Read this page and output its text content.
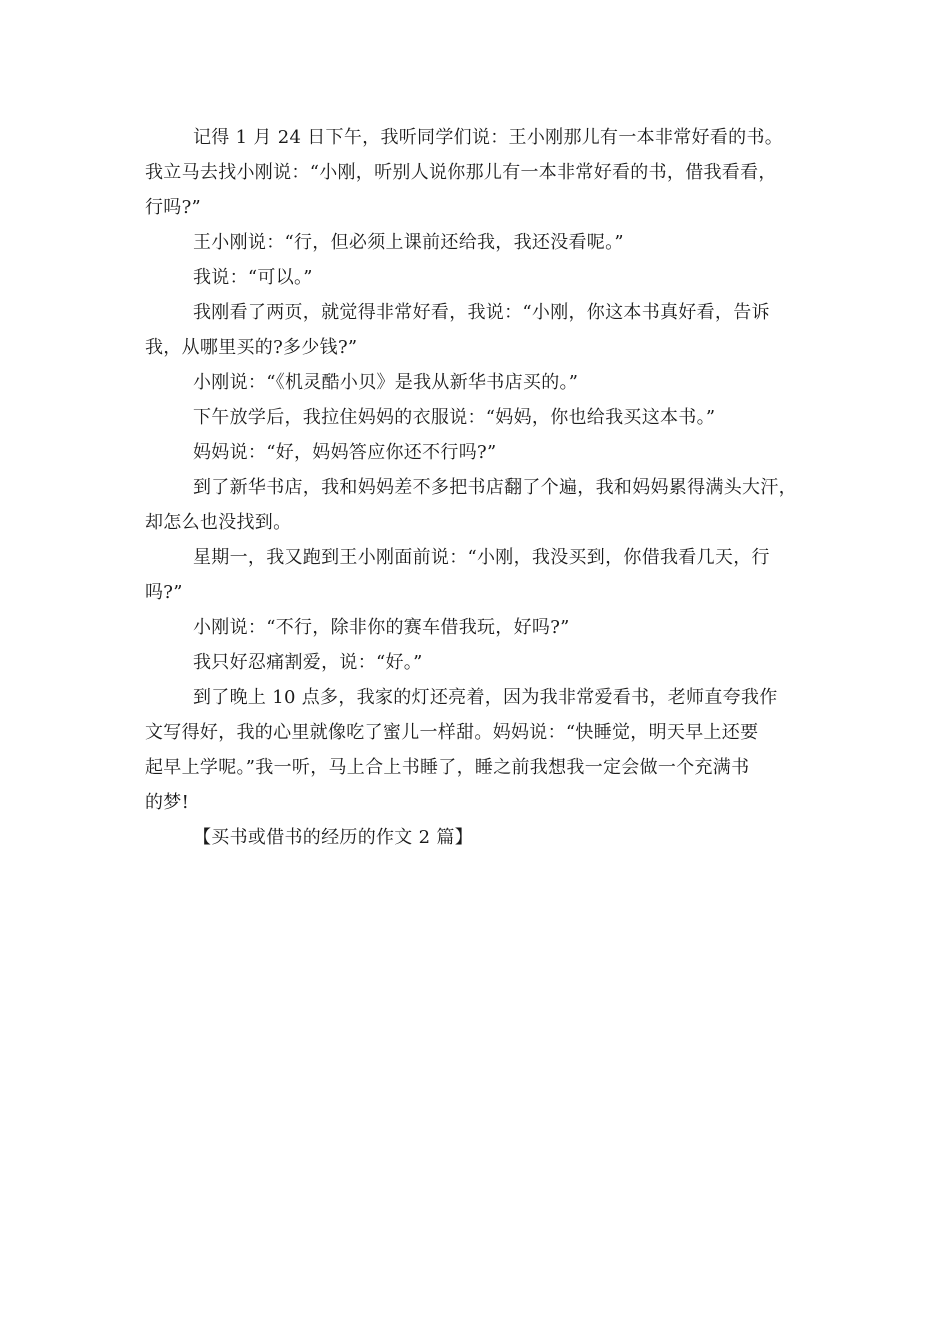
记得 1 月 24 日下午，我听同学们说：王小刚那儿有一本非常好看的书。
我立马去找小刚说：“小刚，听别人说你那儿有一本非常好看的书，借我看看，
行吗?”

王小刚说：“行，但必须上课前还给我，我还没看呢。”

我说：“可以。”

我刚看了两页，就觉得非常好看，我说：“小刚，你这本书真好看，告诉
我，从哪里买的?多少钱?”

小刚说：“《机灵酷小贝》是我从新华书店买的。”

下午放学后，我拉住妈妈的衣服说：“妈妈，你也给我买这本书。”

妈妈说：“好，妈妈答应你还不行吗?”

到了新华书店，我和妈妈差不多把书店翻了个遍，我和妈妈累得满头大汗，
却怎么也没找到。

星期一，我又跑到王小刚面前说：“小刚，我没买到，你借我看几天，行
吗?”

小刚说：“不行，除非你的赛车借我玩，好吗?”

我只好忍痛割爱，说：“好。”

到了晚上 10 点多，我家的灯还亮着，因为我非常爱看书，老师直夸我作
文写得好，我的心里就像吃了蜜儿一样甜。妈妈说：“快睡觉，明天早上还要
起早上学呢。”我一听，马上合上书睡了，睡之前我想我一定会做一个充满书
的梦!

【买书或借书的经历的作文 2 篇】
